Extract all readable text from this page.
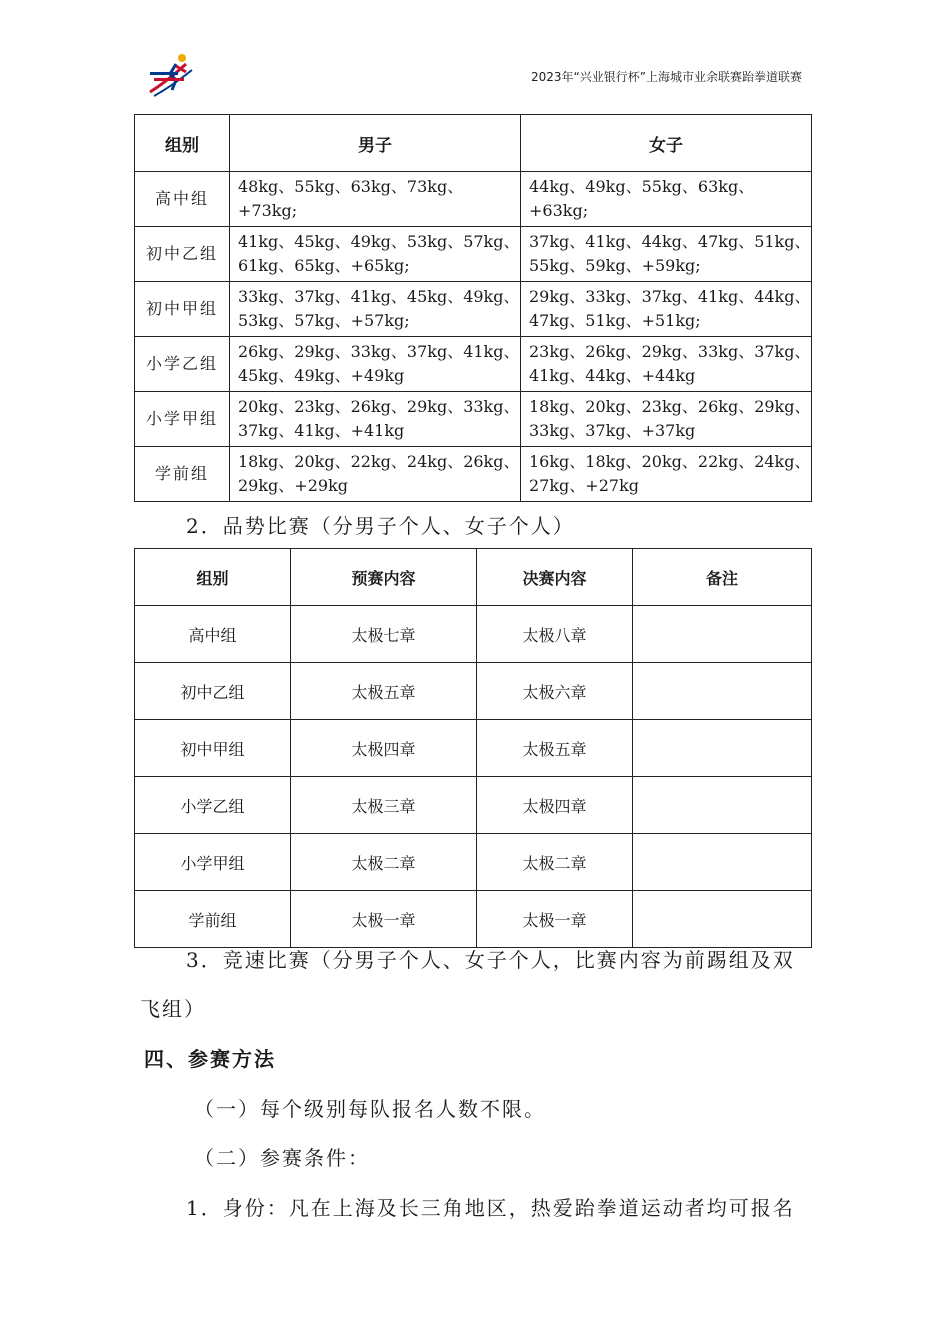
2023年“兴业银行杯”上海城市业余联赛跆拳道联赛
组别	男子	女子
高中组	48kg、55kg、63kg、73kg、+73kg;	44kg、49kg、55kg、63kg、+63kg;
初中乙组	41kg、45kg、49kg、53kg、57kg、61kg、65kg、+65kg;	37kg、41kg、44kg、47kg、51kg、55kg、59kg、+59kg;
初中甲组	33kg、37kg、41kg、45kg、49kg、53kg、57kg、+57kg;	29kg、33kg、37kg、41kg、44kg、47kg、51kg、+51kg;
小学乙组	26kg、29kg、33kg、37kg、41kg、45kg、49kg、+49kg	23kg、26kg、29kg、33kg、37kg、41kg、44kg、+44kg
小学甲组	20kg、23kg、26kg、29kg、33kg、37kg、41kg、+41kg	18kg、20kg、23kg、26kg、29kg、33kg、37kg、+37kg
学前组	18kg、20kg、22kg、24kg、26kg、29kg、+29kg	16kg、18kg、20kg、22kg、24kg、27kg、+27kg
2．品势比赛（分男子个人、女子个人）
组别	预赛内容	决赛内容	备注
高中组	太极七章	太极八章	
初中乙组	太极五章	太极六章	
初中甲组	太极四章	太极五章	
小学乙组	太极三章	太极四章	
小学甲组	太极二章	太极二章	
学前组	太极一章	太极一章	
3．竞速比赛（分男子个人、女子个人，比赛内容为前踢组及双
飞组）
四、参赛方法
（一）每个级别每队报名人数不限。
（二）参赛条件：
1．身份：凡在上海及长三角地区，热爱跆拳道运动者均可报名
